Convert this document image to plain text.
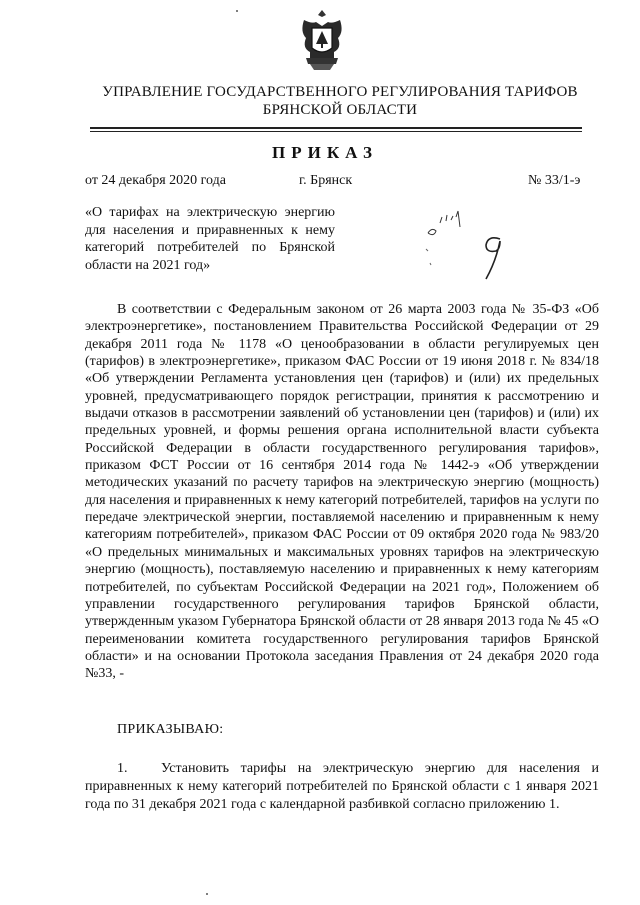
УПРАВЛЕНИЕ ГОСУДАРСТВЕННОГО РЕГУЛИРОВАНИЯ ТАРИФОВ
БРЯНСКОЙ ОБЛАСТИ
ПРИКАЗ
от 24 декабря 2020 года	г. Брянск	№ 33/1-э
«О тарифах на электрическую энергию для населения и приравненных к нему категорий потребителей по Брянской области на 2021 год»
В соответствии с Федеральным законом от 26 марта 2003 года № 35-ФЗ «Об электроэнергетике», постановлением Правительства Российской Федерации от 29 декабря 2011 года № 1178 «О ценообразовании в области регулируемых цен (тарифов) в электроэнергетике», приказом ФАС России от 19 июня 2018 г. № 834/18 «Об утверждении Регламента установления цен (тарифов) и (или) их предельных уровней, предусматривающего порядок регистрации, принятия к рассмотрению и выдачи отказов в рассмотрении заявлений об установлении цен (тарифов) и (или) их предельных уровней, и формы решения органа исполнительной власти субъекта Российской Федерации в области государственного регулирования тарифов», приказом ФСТ России от 16 сентября 2014 года № 1442-э «Об утверждении методических указаний по расчету тарифов на электрическую энергию (мощность) для населения и приравненных к нему категорий потребителей, тарифов на услуги по передаче электрической энергии, поставляемой населению и приравненным к нему категориям потребителей», приказом ФАС России от 09 октября 2020 года № 983/20 «О предельных минимальных и максимальных уровнях тарифов на электрическую энергию (мощность), поставляемую населению и приравненных к нему категориям потребителей, по субъектам Российской Федерации на 2021 год», Положением об управлении государственного регулирования тарифов Брянской области, утвержденным указом Губернатора Брянской области от 28 января 2013 года № 45 «О переименовании комитета государственного регулирования тарифов Брянской области» и на основании Протокола заседания Правления от 24 декабря 2020 года №33, -
ПРИКАЗЫВАЮ:
1. Установить тарифы на электрическую энергию для населения и приравненных к нему категорий потребителей по Брянской области с 1 января 2021 года по 31 декабря 2021 года с календарной разбивкой согласно приложению 1.
